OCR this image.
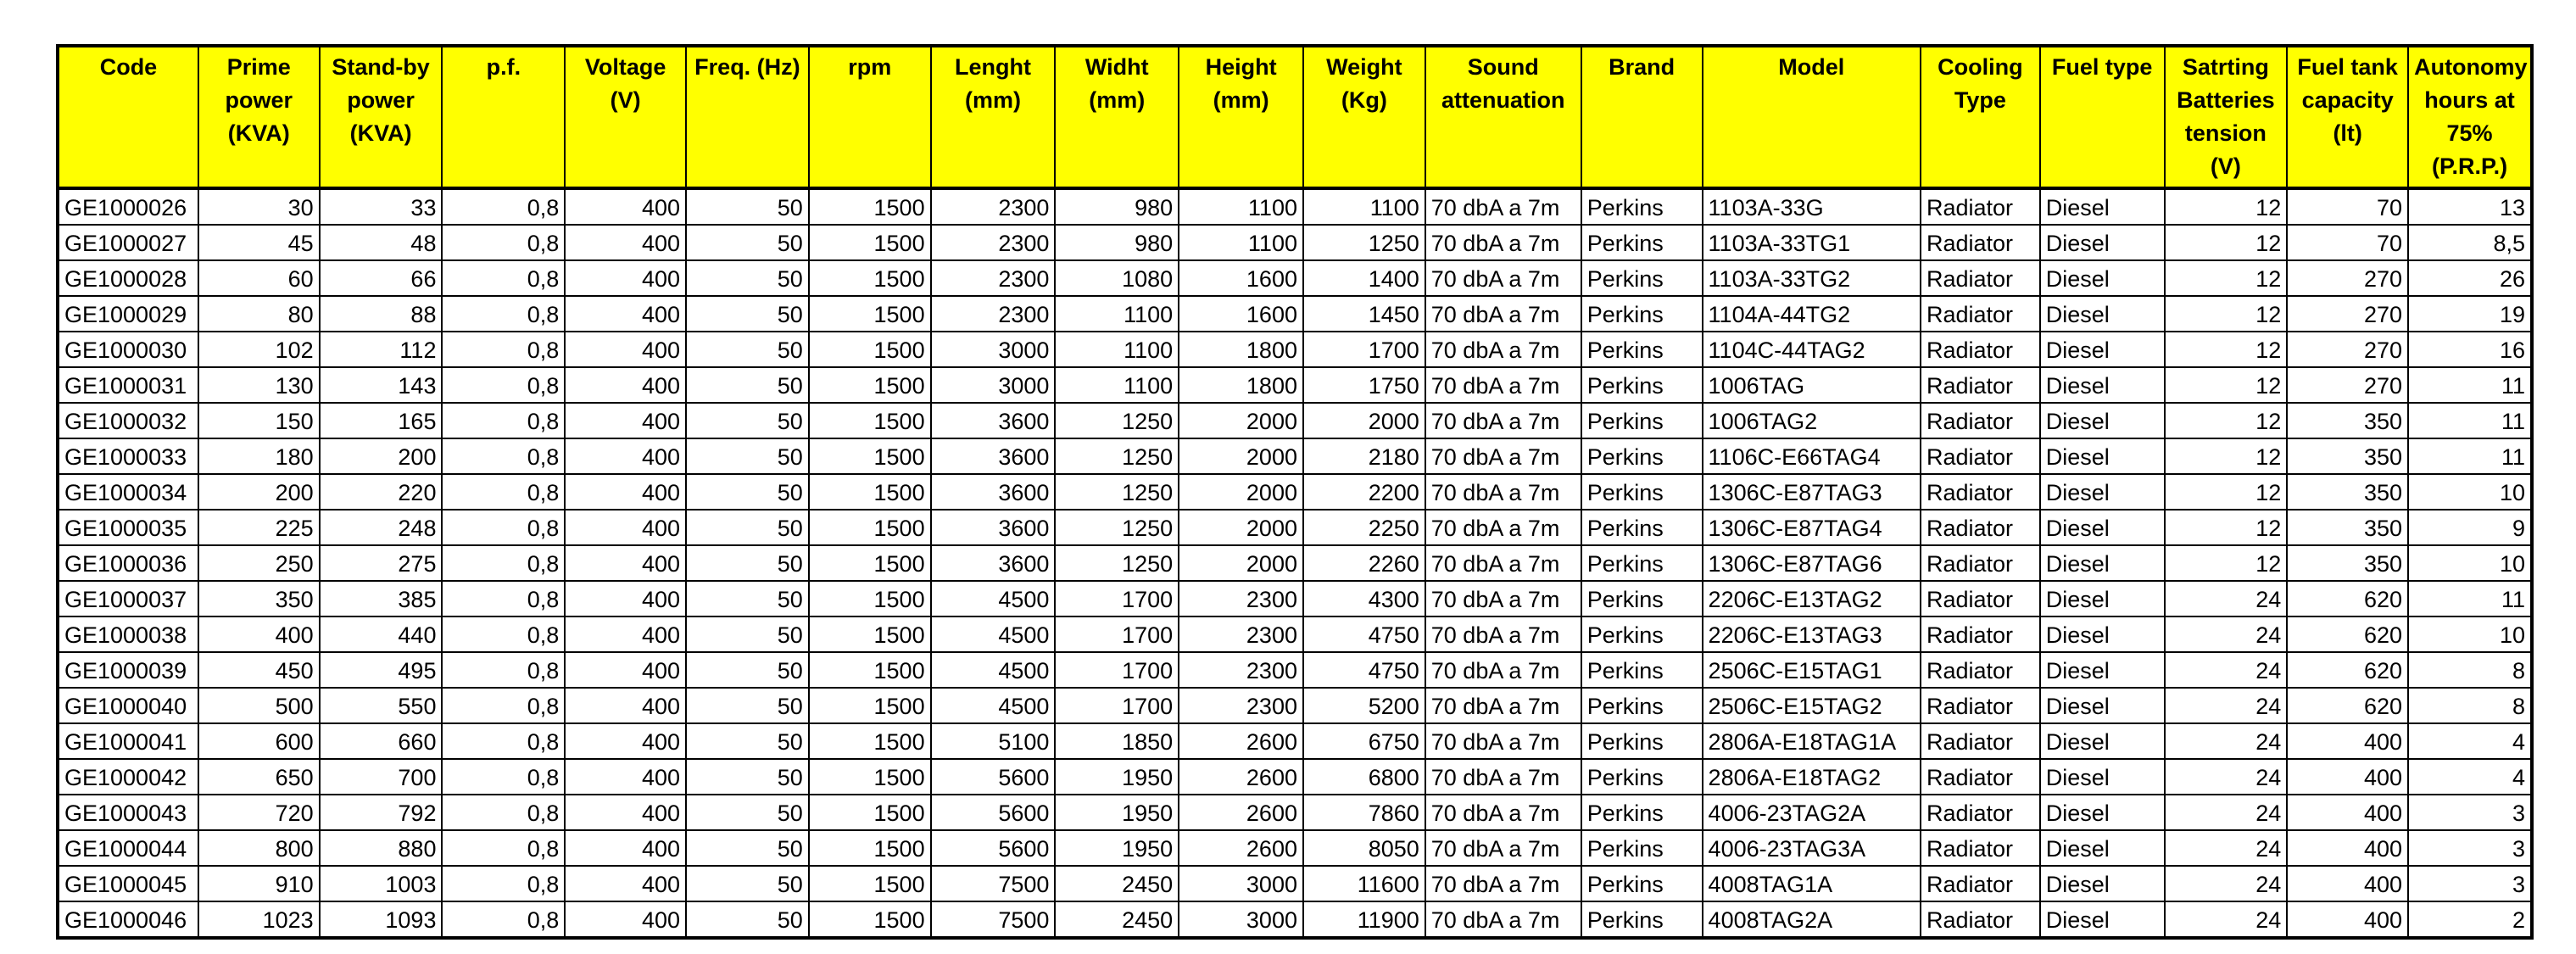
Code	Prime power (KVA)	Stand-by power (KVA)	p.f.	Voltage (V)	Freq. (Hz)	rpm	Lenght (mm)	Widht (mm)	Height (mm)	Weight (Kg)	Sound attenuation	Brand	Model	Cooling Type	Fuel type	Satrting Batteries tension (V)	Fuel tank capacity (lt)	Autonomy hours at 75% (P.R.P.)
GE1000026	30	33	0,8	400	50	1500	2300	980	1100	1100	70 dbA a 7m	Perkins	1103A-33G	Radiator	Diesel	12	70	13
GE1000027	45	48	0,8	400	50	1500	2300	980	1100	1250	70 dbA a 7m	Perkins	1103A-33TG1	Radiator	Diesel	12	70	8,5
GE1000028	60	66	0,8	400	50	1500	2300	1080	1600	1400	70 dbA a 7m	Perkins	1103A-33TG2	Radiator	Diesel	12	270	26
GE1000029	80	88	0,8	400	50	1500	2300	1100	1600	1450	70 dbA a 7m	Perkins	1104A-44TG2	Radiator	Diesel	12	270	19
GE1000030	102	112	0,8	400	50	1500	3000	1100	1800	1700	70 dbA a 7m	Perkins	1104C-44TAG2	Radiator	Diesel	12	270	16
GE1000031	130	143	0,8	400	50	1500	3000	1100	1800	1750	70 dbA a 7m	Perkins	1006TAG	Radiator	Diesel	12	270	11
GE1000032	150	165	0,8	400	50	1500	3600	1250	2000	2000	70 dbA a 7m	Perkins	1006TAG2	Radiator	Diesel	12	350	11
GE1000033	180	200	0,8	400	50	1500	3600	1250	2000	2180	70 dbA a 7m	Perkins	1106C-E66TAG4	Radiator	Diesel	12	350	11
GE1000034	200	220	0,8	400	50	1500	3600	1250	2000	2200	70 dbA a 7m	Perkins	1306C-E87TAG3	Radiator	Diesel	12	350	10
GE1000035	225	248	0,8	400	50	1500	3600	1250	2000	2250	70 dbA a 7m	Perkins	1306C-E87TAG4	Radiator	Diesel	12	350	9
GE1000036	250	275	0,8	400	50	1500	3600	1250	2000	2260	70 dbA a 7m	Perkins	1306C-E87TAG6	Radiator	Diesel	12	350	10
GE1000037	350	385	0,8	400	50	1500	4500	1700	2300	4300	70 dbA a 7m	Perkins	2206C-E13TAG2	Radiator	Diesel	24	620	11
GE1000038	400	440	0,8	400	50	1500	4500	1700	2300	4750	70 dbA a 7m	Perkins	2206C-E13TAG3	Radiator	Diesel	24	620	10
GE1000039	450	495	0,8	400	50	1500	4500	1700	2300	4750	70 dbA a 7m	Perkins	2506C-E15TAG1	Radiator	Diesel	24	620	8
GE1000040	500	550	0,8	400	50	1500	4500	1700	2300	5200	70 dbA a 7m	Perkins	2506C-E15TAG2	Radiator	Diesel	24	620	8
GE1000041	600	660	0,8	400	50	1500	5100	1850	2600	6750	70 dbA a 7m	Perkins	2806A-E18TAG1A	Radiator	Diesel	24	400	4
GE1000042	650	700	0,8	400	50	1500	5600	1950	2600	6800	70 dbA a 7m	Perkins	2806A-E18TAG2	Radiator	Diesel	24	400	4
GE1000043	720	792	0,8	400	50	1500	5600	1950	2600	7860	70 dbA a 7m	Perkins	4006-23TAG2A	Radiator	Diesel	24	400	3
GE1000044	800	880	0,8	400	50	1500	5600	1950	2600	8050	70 dbA a 7m	Perkins	4006-23TAG3A	Radiator	Diesel	24	400	3
GE1000045	910	1003	0,8	400	50	1500	7500	2450	3000	11600	70 dbA a 7m	Perkins	4008TAG1A	Radiator	Diesel	24	400	3
GE1000046	1023	1093	0,8	400	50	1500	7500	2450	3000	11900	70 dbA a 7m	Perkins	4008TAG2A	Radiator	Diesel	24	400	2
